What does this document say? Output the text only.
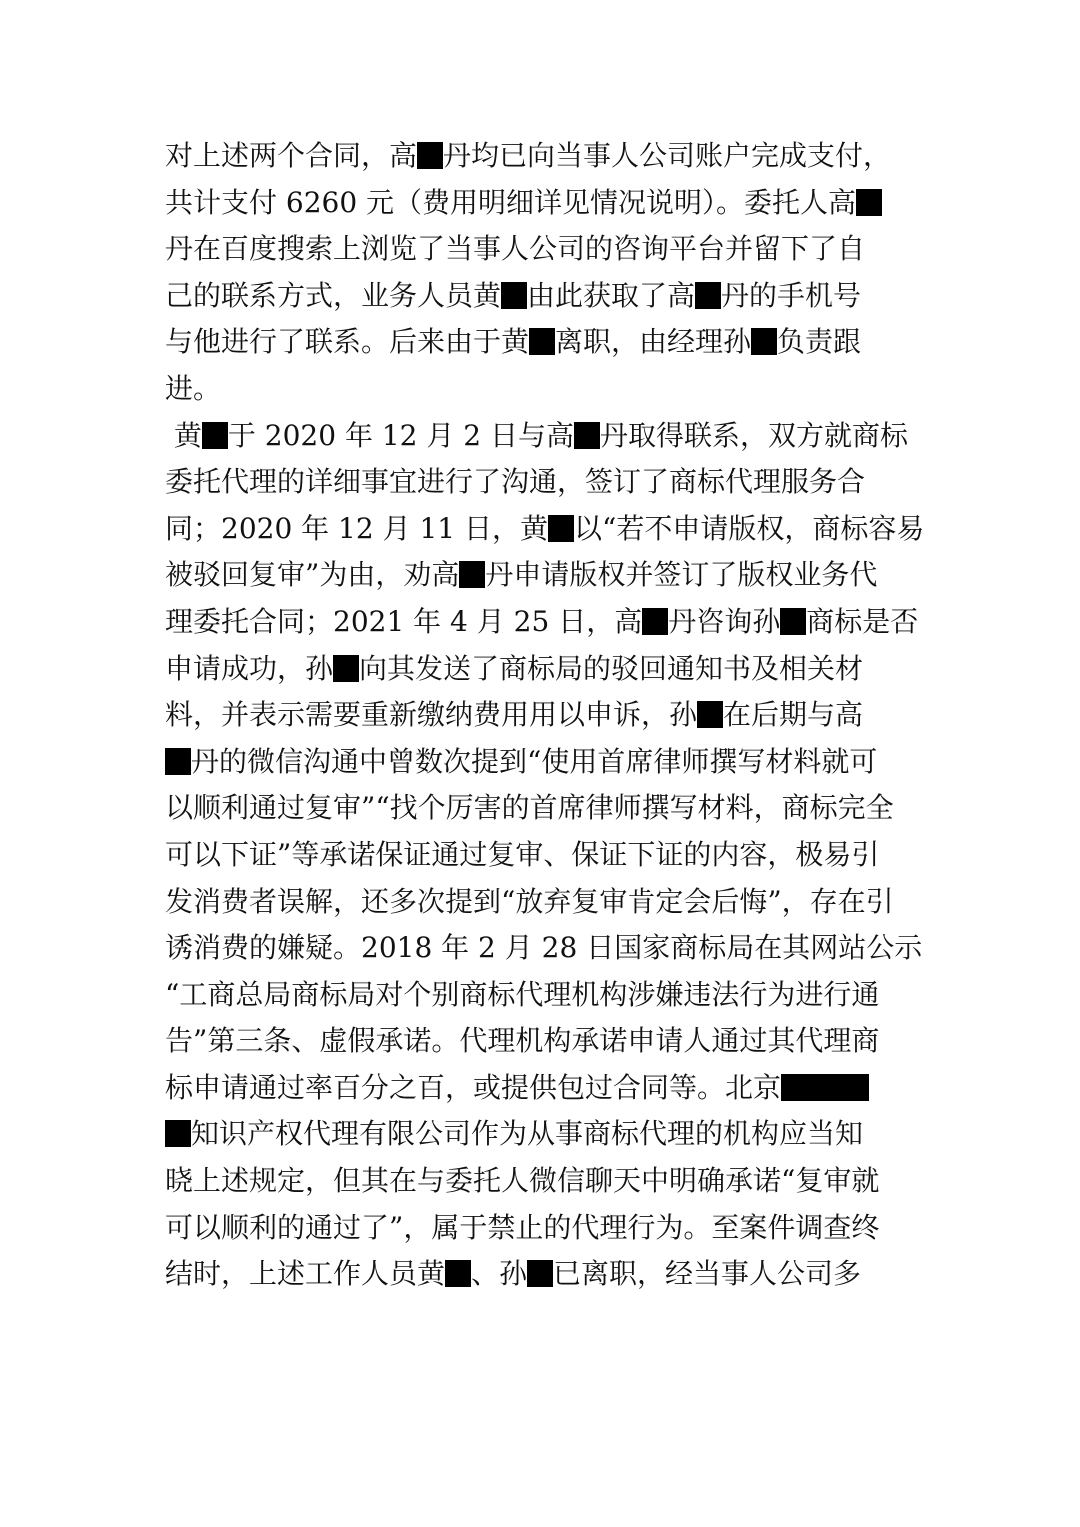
对上述两个合同，高 丹均已向当事人公司账户完成支付，
共计支付 6260 元（费用明细详见情况说明）。委托人高
丹在百度搜索上浏览了当事人公司的咨询平台并留下了自
己的联系方式，业务人员黄 由此获取了高 丹的手机号
与他进行了联系。后来由于黄 离职，由经理孙 负责跟
进。
黄 于 2020 年 12 月 2 日与高 丹取得联系，双方就商标
委托代理的详细事宜进行了沟通，签订了商标代理服务合
同；2020 年 12 月 11 日，黄 以“若不申请版权，商标容易
被驳回复审”为由，劝高 丹申请版权并签订了版权业务代
理委托合同；2021 年 4 月 25 日，高 丹咨询孙 商标是否
申请成功，孙 向其发送了商标局的驳回通知书及相关材
料，并表示需要重新缴纳费用用以申诉，孙 在后期与高
丹的微信沟通中曾数次提到“使用首席律师撰写材料就可
以顺利通过复审”“找个厉害的首席律师撰写材料，商标完全
可以下证”等承诺保证通过复审、保证下证的内容，极易引
发消费者误解，还多次提到“放弃复审肯定会后悔”，存在引
诱消费的嫌疑。2018 年 2 月 28 日国家商标局在其网站公示
“工商总局商标局对个别商标代理机构涉嫌违法行为进行通
告”第三条、虚假承诺。代理机构承诺申请人通过其代理商
标申请通过率百分之百，或提供包过合同等。北京
知识产权代理有限公司作为从事商标代理的机构应当知
晓上述规定，但其在与委托人微信聊天中明确承诺“复审就
可以顺利的通过了”，属于禁止的代理行为。至案件调查终
结时，上述工作人员黄 、孙 已离职，经当事人公司多
